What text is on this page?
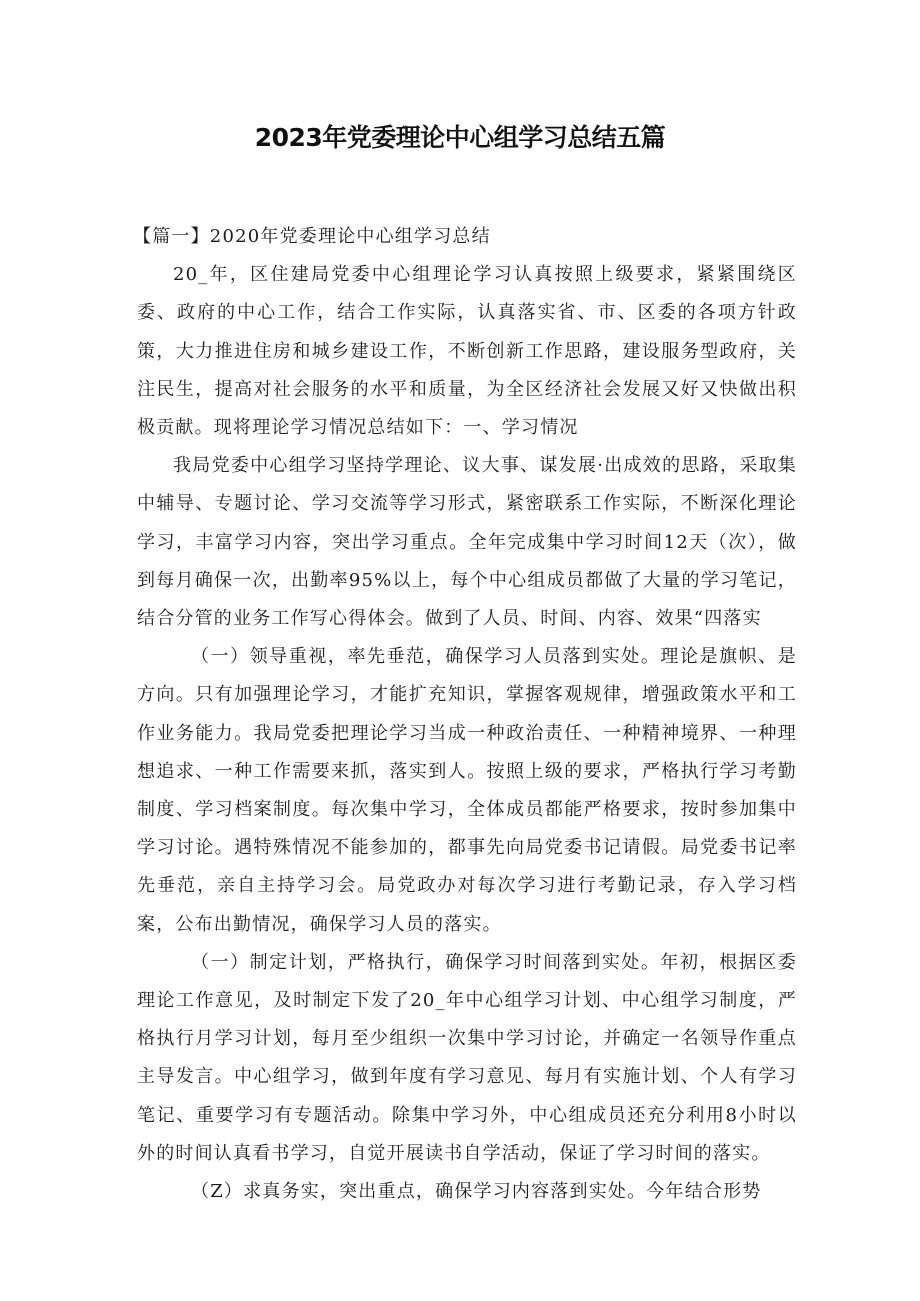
2023年党委理论中心组学习总结五篇

【篇一】2020年党委理论中心组学习总结

20_年，区住建局党委中心组理论学习认真按照上级要求，紧紧围绕区委、政府的中心工作，结合工作实际，认真落实省、市、区委的各项方针政策，大力推进住房和城乡建设工作，不断创新工作思路，建设服务型政府，关注民生，提高对社会服务的水平和质量，为全区经济社会发展又好又快做出积极贡献。现将理论学习情况总结如下：一、学习情况

我局党委中心组学习坚持学理论、议大事、谋发展·出成效的思路，采取集中辅导、专题讨论、学习交流等学习形式，紧密联系工作实际，不断深化理论学习，丰富学习内容，突出学习重点。全年完成集中学习时间12天（次），做到每月确保一次，出勤率95%以上，每个中心组成员都做了大量的学习笔记，结合分管的业务工作写心得体会。做到了人员、时间、内容、效果“四落实

（一）领导重视，率先垂范，确保学习人员落到实处。理论是旗帜、是方向。只有加强理论学习，才能扩充知识，掌握客观规律，增强政策水平和工作业务能力。我局党委把理论学习当成一种政治责任、一种精神境界、一种理想追求、一种工作需要来抓，落实到人。按照上级的要求，严格执行学习考勤制度、学习档案制度。每次集中学习，全体成员都能严格要求，按时参加集中学习讨论。遇特殊情况不能参加的，都事先向局党委书记请假。局党委书记率先垂范，亲自主持学习会。局党政办对每次学习进行考勤记录，存入学习档案，公布出勤情况，确保学习人员的落实。

（一）制定计划，严格执行，确保学习时间落到实处。年初，根据区委理论工作意见，及时制定下发了20_年中心组学习计划、中心组学习制度，严格执行月学习计划，每月至少组织一次集中学习讨论，并确定一名领导作重点主导发言。中心组学习，做到年度有学习意见、每月有实施计划、个人有学习笔记、重要学习有专题活动。除集中学习外，中心组成员还充分利用8小时以外的时间认真看书学习，自觉开展读书自学活动，保证了学习时间的落实。

（Z）求真务实，突出重点，确保学习内容落到实处。今年结合形势
